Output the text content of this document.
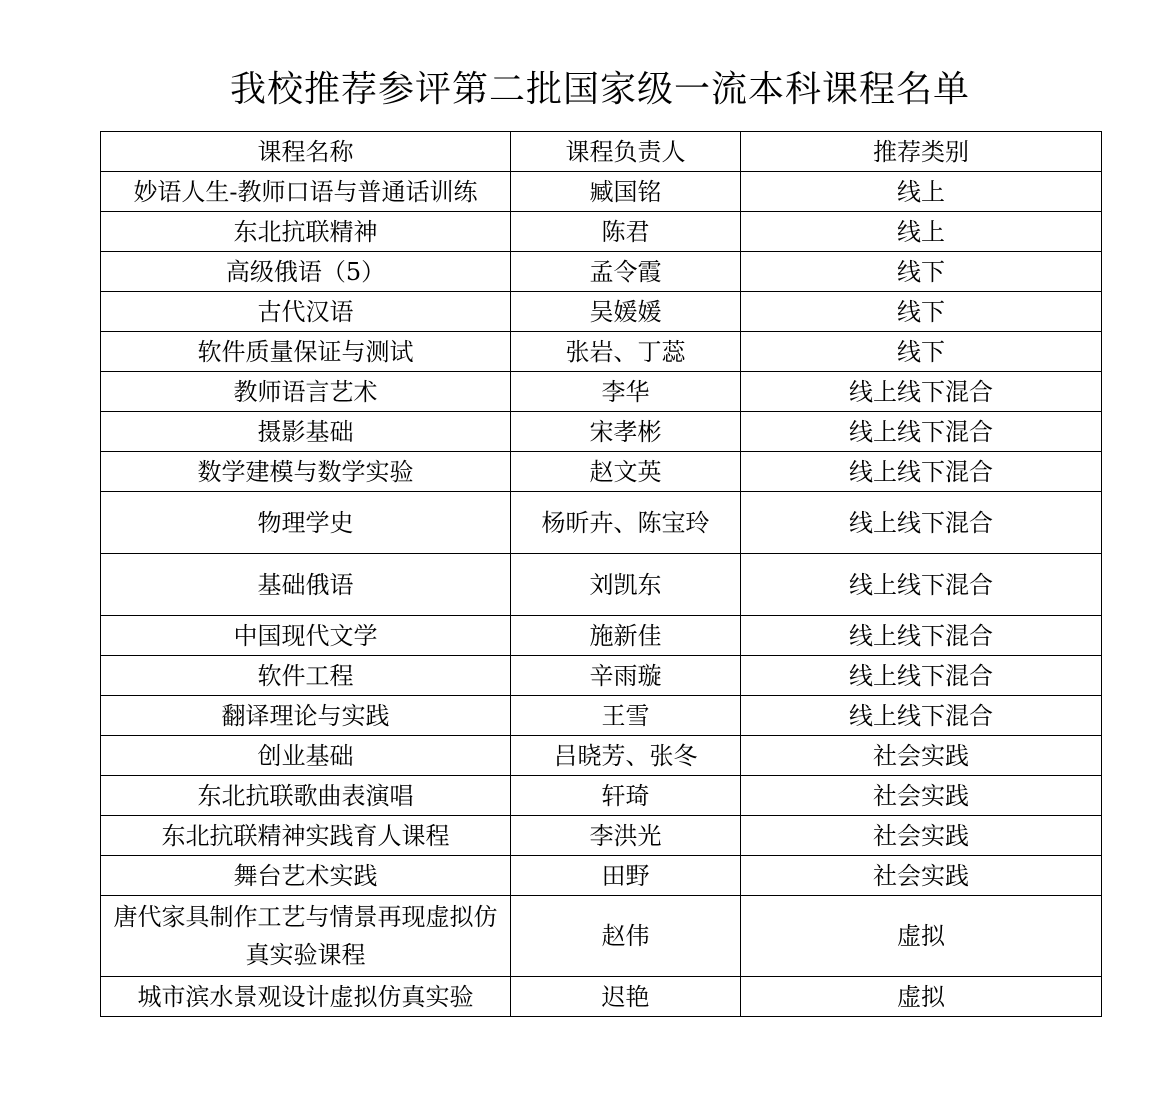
我校推荐参评第二批国家级一流本科课程名单
课程名称	课程负责人	推荐类别
妙语人生-教师口语与普通话训练	臧国铭	线上
东北抗联精神	陈君	线上
高级俄语（5）	孟令霞	线下
古代汉语	吴媛媛	线下
软件质量保证与测试	张岩、丁蕊	线下
教师语言艺术	李华	线上线下混合
摄影基础	宋孝彬	线上线下混合
数学建模与数学实验	赵文英	线上线下混合
物理学史	杨昕卉、陈宝玲	线上线下混合
基础俄语	刘凯东	线上线下混合
中国现代文学	施新佳	线上线下混合
软件工程	辛雨璇	线上线下混合
翻译理论与实践	王雪	线上线下混合
创业基础	吕晓芳、张冬	社会实践
东北抗联歌曲表演唱	轩琦	社会实践
东北抗联精神实践育人课程	李洪光	社会实践
舞台艺术实践	田野	社会实践
唐代家具制作工艺与情景再现虚拟仿真实验课程	赵伟	虚拟
城市滨水景观设计虚拟仿真实验	迟艳	虚拟
